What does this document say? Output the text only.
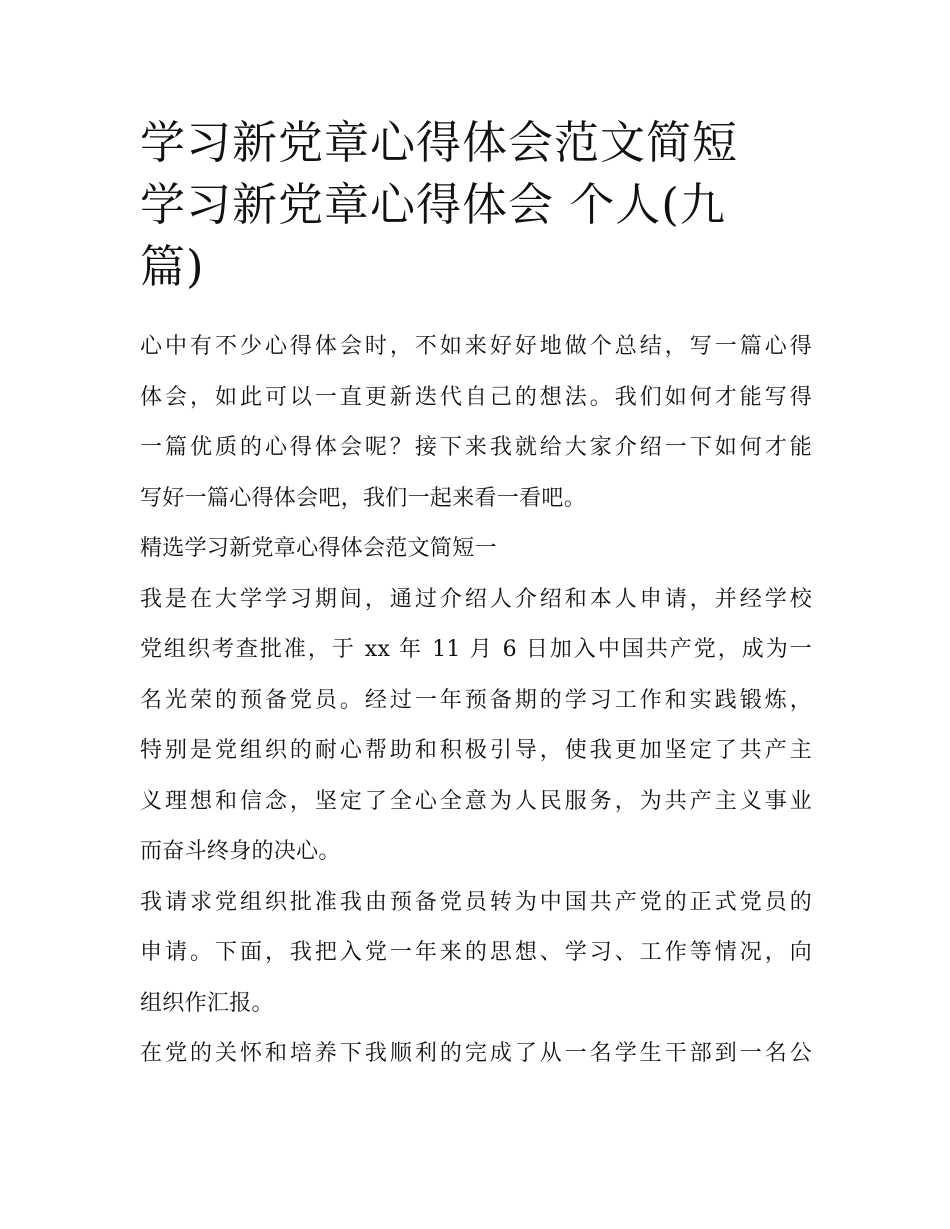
学习新党章心得体会范文简短
学习新党章心得体会 个人(九
篇)

心中有不少心得体会时，不如来好好地做个总结，写一篇心得
体会，如此可以一直更新迭代自己的想法。我们如何才能写得
一篇优质的心得体会呢？接下来我就给大家介绍一下如何才能
写好一篇心得体会吧，我们一起来看一看吧。

精选学习新党章心得体会范文简短一

我是在大学学习期间，通过介绍人介绍和本人申请，并经学校
党组织考查批准，于 xx 年 11 月 6 日加入中国共产党，成为一
名光荣的预备党员。经过一年预备期的学习工作和实践锻炼，
特别是党组织的耐心帮助和积极引导，使我更加坚定了共产主
义理想和信念，坚定了全心全意为人民服务，为共产主义事业
而奋斗终身的决心。

我请求党组织批准我由预备党员转为中国共产党的正式党员的
申请。下面，我把入党一年来的思想、学习、工作等情况，向
组织作汇报。

在党的关怀和培养下我顺利的完成了从一名学生干部到一名公
